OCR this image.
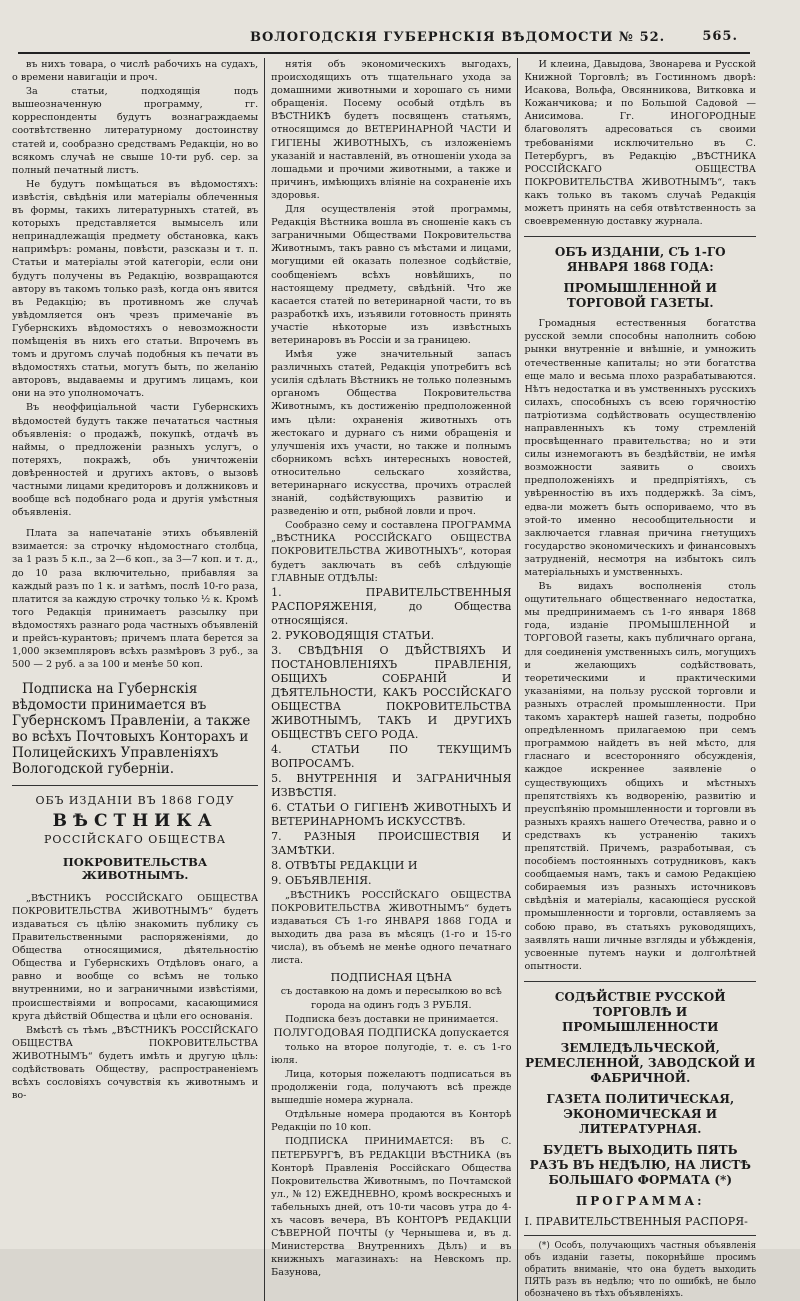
ВОЛОГОДСКІЯ ГУБЕРНСКІЯ ВѢДОМОСТИ № 52.	565.

въ нихъ товара, о числѣ рабочихъ на судахъ, о времени навигаціи и проч.

За статьи, подходящія подъ вышеозначенную программу, гг. корреспонденты будутъ вознаграждаемы соотвѣтственно литературному достоинству статей и, сообразно средствамъ Редакціи, но во всякомъ случаѣ не свыше 10-ти руб. сер. за полный печатный листъ.

Не будутъ помѣщаться въ вѣдомостяхъ: извѣстія, свѣдѣнія или матеріалы облеченныя въ формы, такихъ литературныхъ статей, въ которыхъ представляется вымыселъ или непринадлежащія предмету обстановка, какъ напримѣръ: романы, повѣсти, разсказы и т. п. Статьи и матеріалы этой категоріи, если они будутъ получены въ Редакцію, возвращаются автору въ такомъ только разѣ, когда онъ явится въ Редакцію; въ противномъ же случаѣ увѣдомляется онъ чрезъ примечаніе въ Губернскихъ вѣдомостяхъ о невозможности помѣщенія въ нихъ его статьи. Впрочемъ въ томъ и другомъ случаѣ подобныя къ печати въ вѣдомостяхъ статьи, могутъ быть, по желанію авторовъ, выдаваемы и другимъ лицамъ, кои они на это уполномочатъ.

Въ неоффиціальной части Губернскихъ вѣдомостей будутъ также печататься частныя объявленія: о продажѣ, покупкѣ, отдачѣ въ наймы, о предложеніи разныхъ услугъ, о потеряхъ, покражѣ, объ уничтоженіи довѣренностей и другихъ актовъ, о вызовѣ частными лицами кредиторовъ и должниковъ и вообще всѣ подобнаго рода и другія умѣстныя объявленія.

Плата за напечатаніе этихъ объявленій взимается: за строчку нѣдомостнаго столбца, за 1 разъ 5 к.п., за 2—6 коп., за 3—7 коп. и т. д., до 10 раза включительно, прибавляя за каждый разъ по 1 к. и затѣмъ, послѣ 10-го раза, платится за каждую строчку только ½ к. Кромѣ того Редакція принимаетъ разсылку при вѣдомостяхъ разнаго рода частныхъ объявленій и прейсъ-курантовъ; причемъ плата берется за 1,000 экземпляровъ всѣхъ размѣровъ 3 руб., за 500 — 2 руб. а за 100 и менѣе 50 коп.

Подписка на Губернскія вѣдомости принимается въ Губернскомъ Правленіи, а также во всѣхъ Почтовыхъ Конторахъ и Полицейскихъ Управленіяхъ Вологодской губерніи.

ОБЪ ИЗДАНІИ ВЪ 1868 ГОДУ

ВѢСТНИКА

РОССІЙСКАГО ОБЩЕСТВА

ПОКРОВИТЕЛЬСТВА ЖИВОТНЫМЪ.

„ВѢСТНИКЪ РОССІЙСКАГО ОБЩЕСТВА ПОКРОВИТЕЛЬСТВА ЖИВОТНЫМЪ“ будетъ издаваться съ цѣлію знакомить публику съ Правительственными распоряженіями, до Общества относящимися, дѣятельностію Общества и Губернскихъ Отдѣловъ онаго, а равно и вообще со всѣмъ не только внутренними, но и заграничными извѣстіями, происшествіями и вопросами, касающимися круга дѣйствій Общества и цѣли его основанія.

Вмѣстѣ съ тѣмъ „ВѢСТНИКЪ РОССІЙСКАГО ОБЩЕСТВА ПОКРОВИТЕЛЬСТВА ЖИВОТНЫМЪ“ будетъ имѣть и другую цѣль: содѣйствовать Обществу, распространеніемъ всѣхъ сословіяхъ сочувствія къ животнымъ и во-

нятія объ экономическихъ выгодахъ, происходящихъ отъ тщательнаго ухода за домашними животными и хорошаго съ ними обращенія. Посему особый отдѣлъ въ ВѢСТНИКѢ будетъ посвященъ статьямъ, относящимся до ВЕТЕРИНАРНОЙ ЧАСТИ И ГИГІЕНЫ ЖИВОТНЫХЪ, съ изложеніемъ указаній и наставленій, въ отношеніи ухода за лошадьми и прочими животными, а также и причинъ, имѣющихъ вліяніе на сохраненіе ихъ здоровья.

Для осуществленія этой программы, Редакція Вѣстника вошла въ сношеніе какъ съ заграничными Обществами Покровительства Животнымъ, такъ равно съ мѣстами и лицами, могущими ей оказать полезное содѣйствіе, сообщеніемъ всѣхъ новѣйшихъ, по настоящему предмету, свѣдѣній. Что же касается статей по ветеринарной части, то въ разработкѣ ихъ, изъявили готовность принять участіе нѣкоторые изъ извѣстныхъ ветеринаровъ въ Россіи и за границею.

Имѣя уже значительный запасъ различныхъ статей, Редакція употребитъ всѣ усилія сдѣлать Вѣстникъ не только полезнымъ органомъ Общества Покровительства Животнымъ, къ достиженію предположенной имъ цѣли: охраненія животныхъ отъ жестокаго и дурнаго съ ними обращенія и улучшенія ихъ участи, но также и полнымъ сборникомъ всѣхъ интересныхъ новостей, относительно сельскаго хозяйства, ветеринарнаго искусства, прочихъ отраслей знаній, содѣйствующихъ развитію и разведенію и отп, рыбной ловли и проч.

Сообразно сему и составлена ПРОГРАММА „ВѢСТНИКА РОССІЙСКАГО ОБЩЕСТВА ПОКРОВИТЕЛЬСТВА ЖИВОТНЫХЪ“, которая будетъ заключать въ себѣ слѣдующіе ГЛАВНЫЕ ОТДѢЛЫ:

1. ПРАВИТЕЛЬСТВЕННЫЯ РАСПОРЯЖЕНІЯ, до Общества относящіяся.

2. РУКОВОДЯЩІЯ СТАТЬИ.

3. СВѢДѢНІЯ О ДѢЙСТВІЯХЪ И ПОСТАНОВЛЕНІЯХЪ ПРАВЛЕНІЯ, ОБЩИХЪ СОБРАНІЙ И ДѢЯТЕЛЬНОСТИ, КАКЪ РОССІЙСКАГО ОБЩЕСТВА ПОКРОВИТЕЛЬСТВА ЖИВОТНЫМЪ, ТАКЪ И ДРУГИХЪ ОБЩЕСТВЪ СЕГО РОДА.

4. СТАТЬИ ПО ТЕКУЩИМЪ ВОПРОСАМЪ.

5. ВНУТРЕННІЯ И ЗАГРАНИЧНЫЯ ИЗВѢСТІЯ.

6. СТАТЬИ О ГИГІЕНѢ ЖИВОТНЫХЪ И ВЕТЕРИНАРНОМЪ ИСКУССТВѢ.

7. РАЗНЫЯ ПРОИСШЕСТВІЯ И ЗАМѢТКИ.

8. ОТВѢТЫ РЕДАКЦІИ И

9. ОБЪЯВЛЕНІЯ.

„ВѢСТНИКЪ РОССІЙСКАГО ОБЩЕСТВА ПОКРОВИТЕЛЬСТВА ЖИВОТНЫМЪ“ будетъ издаваться СЪ 1-го ЯНВАРЯ 1868 ГОДА и выходить два раза въ мѣсяцъ (1-го и 15-го числа), въ объемѣ не менѣе одного печатнаго листа.

ПОДПИСНАЯ ЦѢНА

съ доставкою на домъ и пересылкою во всѣ города на одинъ годъ 3 РУБЛЯ.

Подписка безъ доставки не принимается.

ПОЛУГОДОВАЯ ПОДПИСКА допускается

только на второе полугодіе, т. е. съ 1-го іюля.

Лица, которыя пожелаютъ подписаться въ продолженіи года, получаютъ всѣ прежде вышедшіе номера журнала.

Отдѣльные номера продаются въ Конторѣ Редакціи по 10 коп.

ПОДПИСКА ПРИНИМАЕТСЯ: ВЪ С. ПЕТЕРБУРГѢ, ВЪ РЕДАКЦІИ ВѢСТНИКА (въ Конторѣ Правленія Россійскаго Общества Покровительства Животнымъ, по Почтамской ул., № 12) ЕЖЕДНЕВНО, кромѣ воскресныхъ и табельныхъ дней, отъ 10-ти часовъ утра до 4-хъ часовъ вечера, ВЪ КОНТОРѢ РЕДАКЦІИ СѢВЕРНОЙ ПОЧТЫ (у Чернышева и, въ д. Министерства Внутреннихъ Дѣлъ) и въ книжныхъ магазинахъ: на Невскомъ пр. Базунова,

И клеина, Давыдова, Звонарева и Русской Книжной Торговлѣ; въ Гостинномъ дворѣ: Исакова, Вольфа, Овсянникова, Витковка и Кожанчикова; и по Большой Садовой — Анисимова. Гг. ИНОГОРОДНЫЕ благоволятъ адресоваться съ своими требованіями исключительно въ С. Петербургъ, въ Редакцію „ВѢСТНИКА РОССІЙСКАГО ОБЩЕСТВА ПОКРОВИТЕЛЬСТВА ЖИВОТНЫМЪ“, такъ какъ только въ такомъ случаѣ Редакція можетъ принять на себя отвѣтственность за своевременную доставку журнала.

ОБЪ ИЗДАНІИ, СЪ 1-ГО ЯНВАРЯ 1868 ГОДА:

ПРОМЫШЛЕННОЙ И ТОРГОВОЙ ГАЗЕТЫ.

Громадныя естественныя богатства русской земли способны наполнить собою рынки внутренніе и внѣшніе, и умножить отечественные капиталы; но эти богатства еще мало и весьма плохо разрабатываются. Нѣтъ недостатка и въ умственныхъ русскихъ силахъ, способныхъ съ всею горячностію патріотизма содѣйствовать осуществленію направленныхъ къ тому стремленій просвѣщеннаго правительства; но и эти силы изнемогаютъ въ бездѣйствіи, не имѣя возможности заявить о своихъ предположеніяхъ и предпріятіяхъ, съ увѣренностію въ ихъ поддержкѣ. За сімъ, едва-ли можетъ быть оспориваемо, что въ этой-то именно несообщительности и заключается главная причина гнетущихъ государство экономическихъ и финансовыхъ затрудненій, несмотря на избытокъ силъ матеріальныхъ и умственныхъ.

Въ видахъ восполненія столь ощутительнаго общественнаго недостатка, мы предпринимаемъ съ 1-го января 1868 года, изданіе ПРОМЫШЛЕННОЙ и ТОРГОВОЙ газеты, какъ публичнаго органа, для соединенія умственныхъ силъ, могущихъ и желающихъ содѣйствовать, теоретическими и практическими указаніями, на пользу русской торговли и разныхъ отраслей промышленности. При такомъ характерѣ нашей газеты, подробно опредѣленномъ прилагаемою при семъ программою найдетъ въ ней мѣсто, для гласнаго и всесторонняго обсужденія, каждое искреннее заявленіе о существующихъ общихъ и мѣстныхъ препятствіяхъ къ водворенію, развитію и преуспѣянію промышленности и торговли въ разныхъ краяхъ нашего Отечества, равно и о средствахъ къ устраненію такихъ препятствій. Причемъ, разработывая, съ пособіемъ постоянныхъ сотрудниковъ, какъ сообщаемыя намъ, такъ и самою Редакціею собираемыя изъ разныхъ источниковъ свѣдѣнія и матеріалы, касающіеся русской промышленности и торговли, оставляемъ за собою право, въ статьяхъ руководящихъ, заявлять наши личные взгляды и убѣжденія, усвоенные путемъ науки и долголѣтней опытности.

СОДѢЙСТВІЕ РУССКОЙ ТОРГОВЛѢ И ПРОМЫШЛЕННОСТИ

ЗЕМЛЕДѢЛЬЧЕСКОЙ, РЕМЕСЛЕННОЙ, ЗАВОДСКОЙ И ФАБРИЧНОЙ.

ГАЗЕТА ПОЛИТИЧЕСКАЯ, ЭКОНОМИЧЕСКАЯ И ЛИТЕРАТУРНАЯ.

БУДЕТЪ ВЫХОДИТЬ ПЯТЬ РАЗЪ ВЪ НЕДѢЛЮ, НА ЛИСТѢ БОЛЬШАГО ФОРМАТА (*)

ПРОГРАММА:

I. ПРАВИТЕЛЬСТВЕННЫЯ РАСПОРЯ-

(*) Особъ, получающихъ частныя объявленія объ изданіи газеты, покорнѣйше просимъ обратить вниманіе, что она будетъ выходить ПЯТЬ разъ въ недѣлю; что по ошибкѣ, не было обозначено въ тѣхъ объявленіяхъ.
